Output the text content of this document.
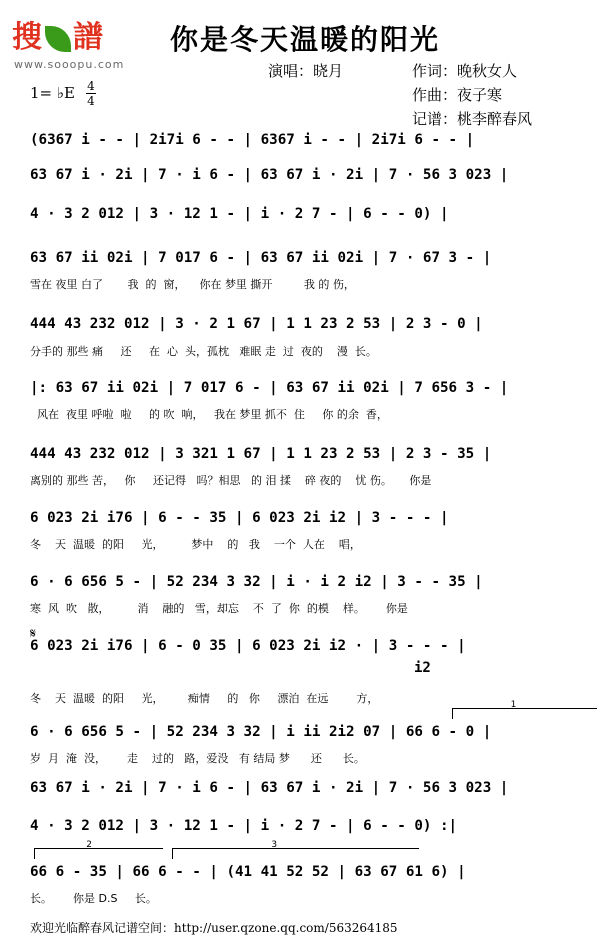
搜 譜
www.sooopu.com
你是冬天温暖的阳光
演唱：晓月	作词：晚秋女人
作曲：夜子寒
记谱：桃李醉春风
1= ♭E 4
4
(6367 i - - | 2i7i 6 - - | 6367 i - - | 2i7i 6 - - |
63 67 i · 2i | 7 · i 6 - | 63 67 i · 2i | 7 · 56 3 023 |
4 · 3 2 012 | 3 · 12 1 - | i · 2 7 - | 6 - - 0) |
63 67 ii 02i | 7 017 6 - | 63 67 ii 02i | 7 · 67 3 - |
雪在 夜里 白了       我  的  窗，    你在 梦里 撕开         我 的 伤，
444 43 232 012 | 3 · 2 1 67 | 1 1 23 2 53 | 2 3 - 0 |
分手的 那些 痛     还     在  心  头，孤枕   难眠 走  过  夜的    漫  长。
|: 63 67 ii 02i | 7 017 6 - | 63 67 ii 02i | 7 656 3 - |
风在  夜里 呼啦  啦     的 吹  响，   我在 梦里 抓不  住     你 的余  香，
444 43 232 012 | 3 321 1 67 | 1 1 23 2 53 | 2 3 - 35 |
离别的 那些 苦，   你     还记得   吗？相思   的 泪 揉    碎 夜的    忧 伤。     你是
6 023 2i i76 | 6 - - 35 | 6 023 2i i2 | 3 - - - |
冬    天  温暖  的阳     光，        梦中    的   我    一个  人在    唱，
6 · 6 656 5 - | 52 234 3 32 | i · i 2 i2 | 3 - - 35 |
寒  风  吹   散，        消    融的   雪，却忘    不  了  你  的模    样。      你是
𝄋
6 023 2i i76 | 6 - 0 35 | 6 023 2i i2 · | 3 - - - |
i2
冬    天  温暖  的阳     光，       痴情     的   你     漂泊  在远        方，	1
6 · 6 656 5 - | 52 234 3 32 | i ii 2i2 07 | 66 6 - 0 |
岁  月  淹  没，      走    过的   路，爱没   有 结局 梦      还      长。
63 67 i · 2i | 7 · i 6 - | 63 67 i · 2i | 7 · 56 3 023 |
4 · 3 2 012 | 3 · 12 1 - | i · 2 7 - | 6 - - 0) :|
2	3
66 6 - 35 | 66 6 - - | (41 41 52 52 | 63 67 61 6) |
长。      你是 D.S     长。
欢迎光临醉春风记谱空间：http://user.qzone.qq.com/563264185
